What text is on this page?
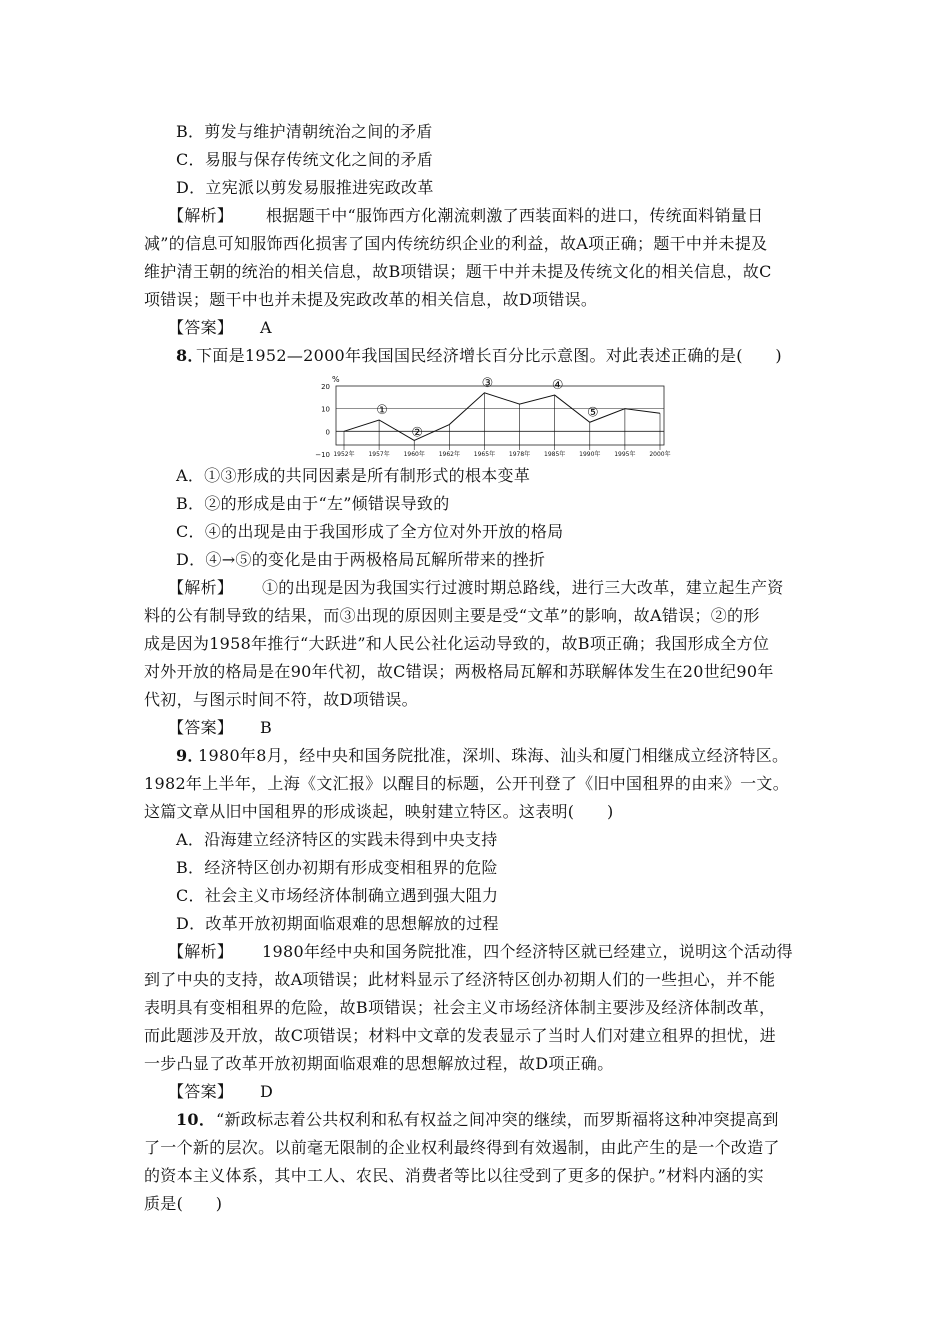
B．剪发与维护清朝统治之间的矛盾
C．易服与保存传统文化之间的矛盾
D．立宪派以剪发易服推进宪政改革
【解析】 根据题干中“服饰西方化潮流刺激了西装面料的进口，传统面料销量日
减”的信息可知服饰西化损害了国内传统纺织企业的利益，故A项正确；题干中并未提及
维护清王朝的统治的相关信息，故B项错误；题干中并未提及传统文化的相关信息，故C
项错误；题干中也并未提及宪政改革的相关信息，故D项错误。
【答案】 A
8．
下面是1952—2000年我国国民经济增长百分比示意图。对此表述正确的是(　　)
20
10
0
−10
%
1952年 1957年 1960年 1962年 1965年 1978年 1985年 1990年 1995年 2000年
①
②
③	④
⑤
A．①③形成的共同因素是所有制形式的根本变革
B．②的形成是由于“左”倾错误导致的
C．④的出现是由于我国形成了全方位对外开放的格局
D．④→⑤的变化是由于两极格局瓦解所带来的挫折
【解析】 ①的出现是因为我国实行过渡时期总路线，进行三大改革，建立起生产资
料的公有制导致的结果，而③出现的原因则主要是受“文革”的影响，故A错误；②的形
成是因为1958年推行“大跃进”和人民公社化运动导致的，故B项正确；我国形成全方位
对外开放的格局是在90年代初，故C错误；两极格局瓦解和苏联解体发生在20世纪90年
代初，与图示时间不符，故D项错误。
【答案】 B
9．
1980年8月，经中央和国务院批准，深圳、珠海、汕头和厦门相继成立经济特区。
1982年上半年，上海《文汇报》以醒目的标题，公开刊登了《旧中国租界的由来》一文。
这篇文章从旧中国租界的形成谈起，映射建立特区。这表明(　　)
A．沿海建立经济特区的实践未得到中央支持
B．经济特区创办初期有形成变相租界的危险
C．社会主义市场经济体制确立遇到强大阻力
D．改革开放初期面临艰难的思想解放的过程
【解析】 1980年经中央和国务院批准，四个经济特区就已经建立，说明这个活动得
到了中央的支持，故A项错误；此材料显示了经济特区创办初期人们的一些担心，并不能
表明具有变相租界的危险，故B项错误；社会主义市场经济体制主要涉及经济体制改革，
而此题涉及开放，故C项错误；材料中文章的发表显示了当时人们对建立租界的担忧，进
一步凸显了改革开放初期面临艰难的思想解放过程，故D项正确。
【答案】 D
10． “新政标志着公共权利和私有权益之间冲突的继续，而罗斯福将这种冲突提高到
了一个新的层次。以前毫无限制的企业权利最终得到有效遏制，由此产生的是一个改造了
的资本主义体系，其中工人、农民、消费者等比以往受到了更多的保护。”材料内涵的实
质是(　　)
